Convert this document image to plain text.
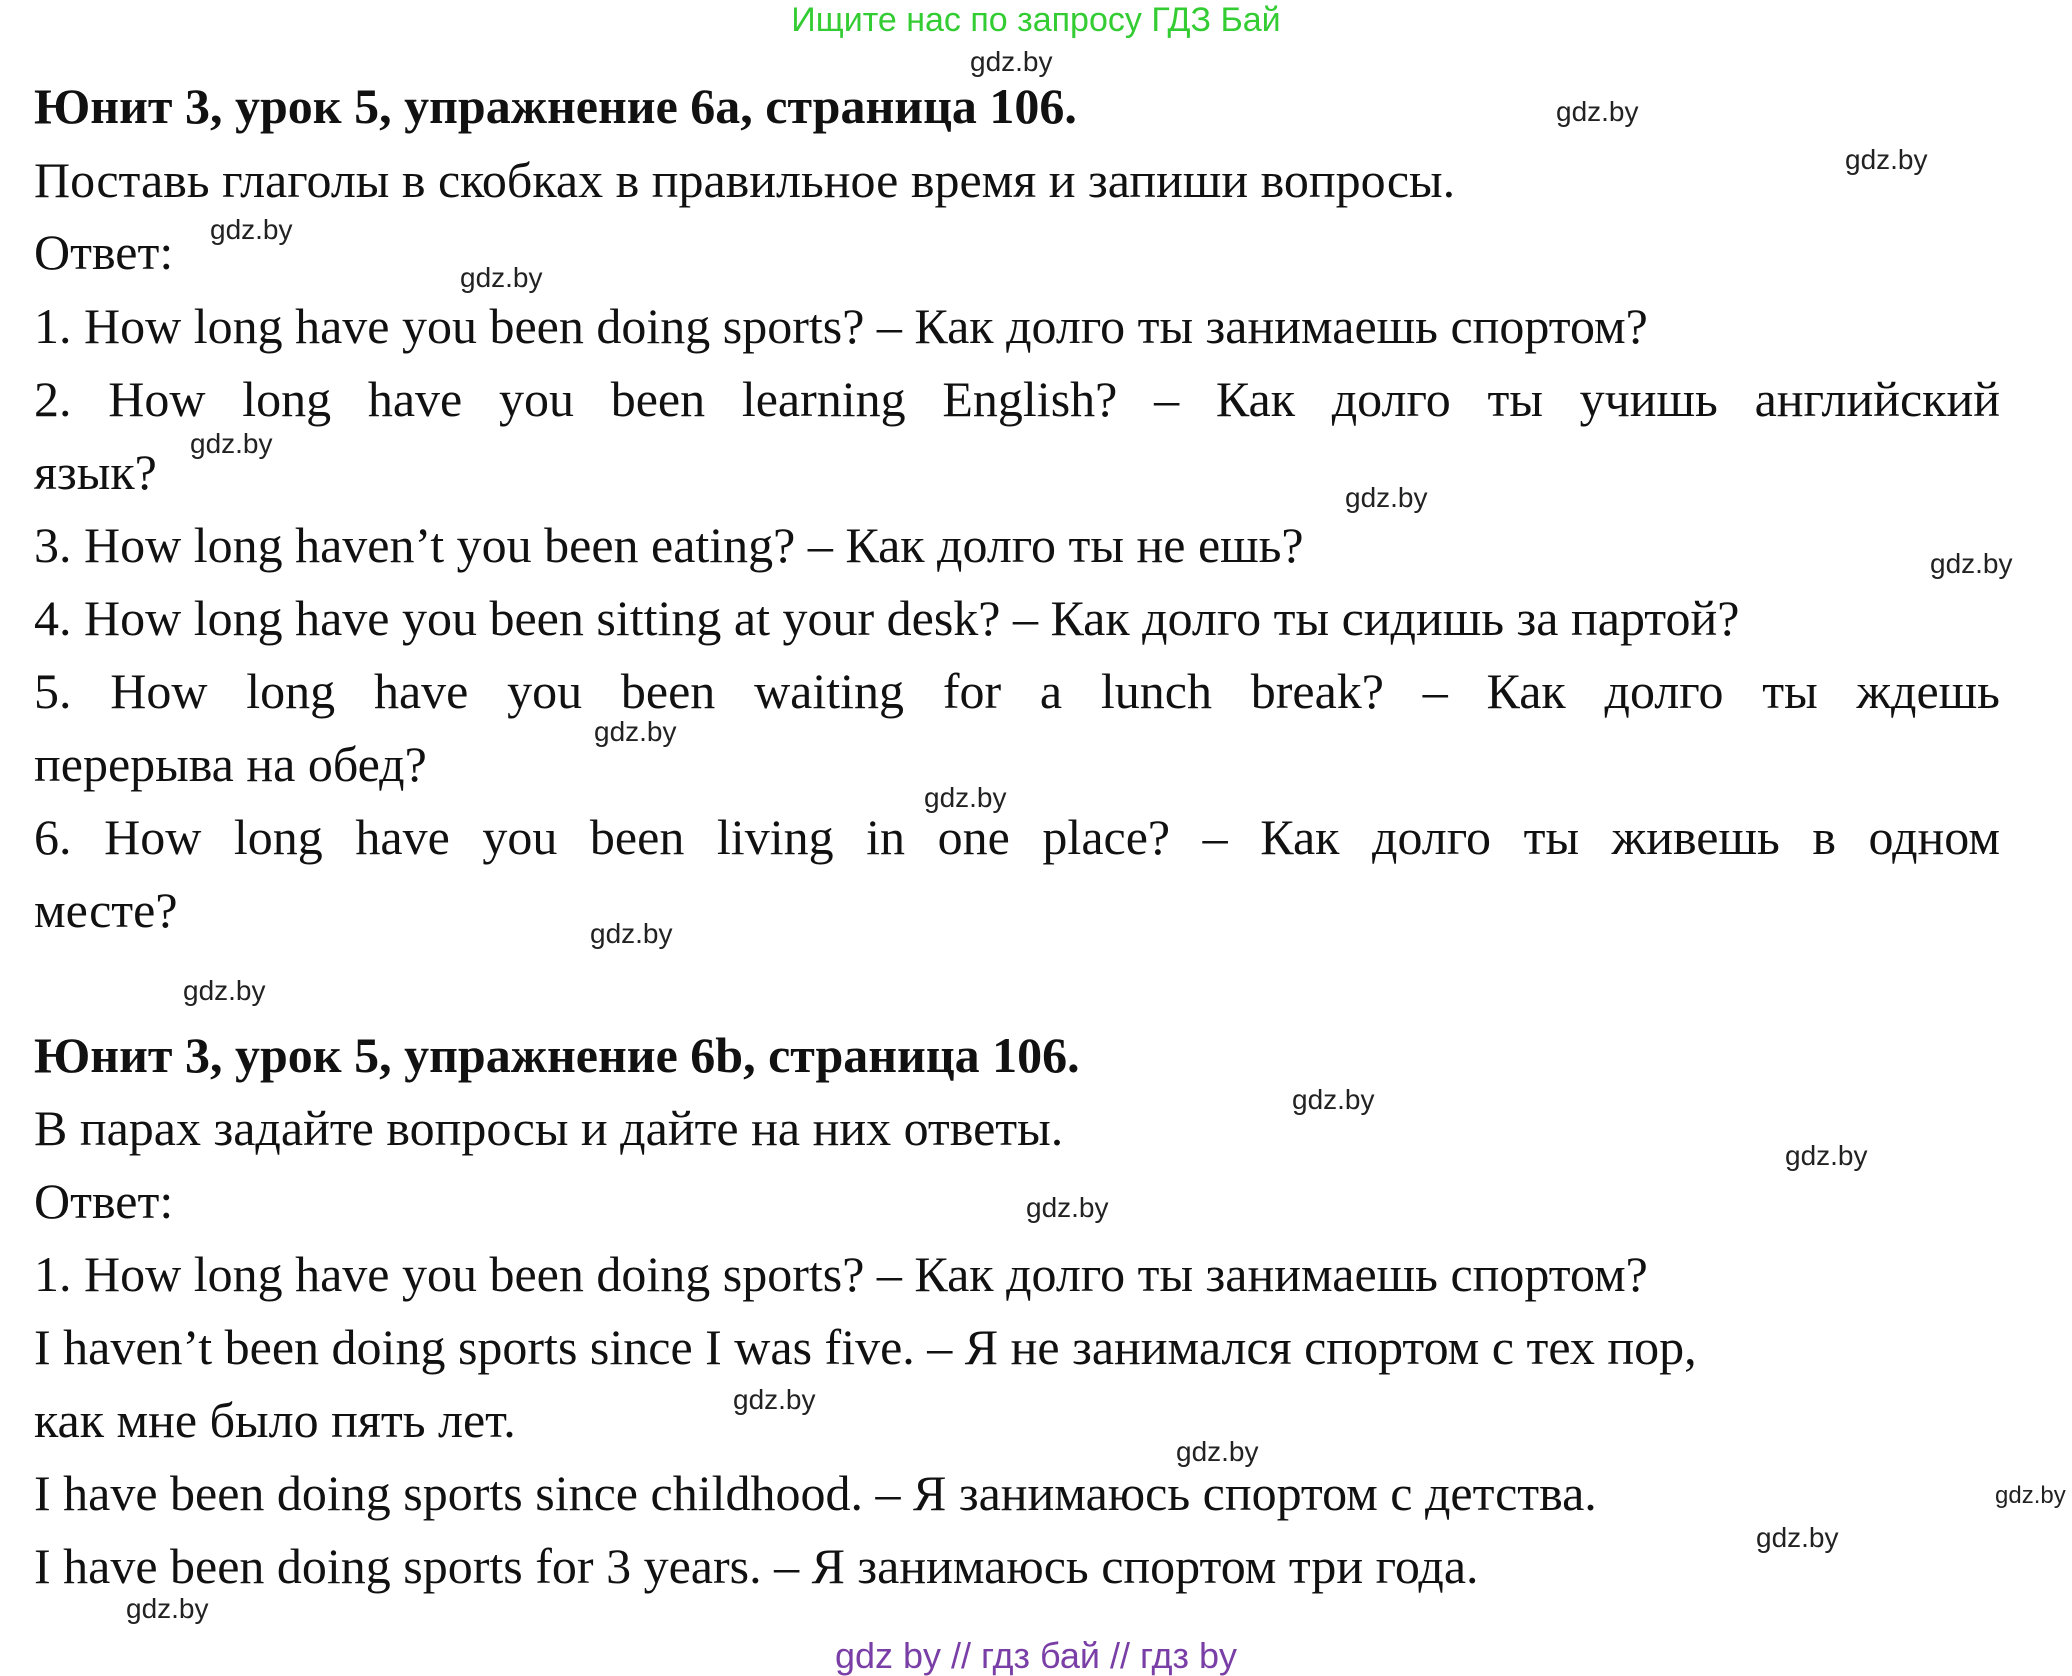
Ищите нас по запросу ГДЗ Бай
Юнит 3, урок 5, упражнение 6a, страница 106.
Поставь глаголы в скобках в правильное время и запиши вопросы.
Ответ:
1. How long have you been doing sports? – Как долго ты занимаешь спортом?
2. How long have you been learning English? – Как долго ты учишь английский
язык?
3. How long haven’t you been eating? – Как долго ты не ешь?
4. How long have you been sitting at your desk? – Как долго ты сидишь за партой?
5. How long have you been waiting for a lunch break? – Как долго ты ждешь
перерыва на обед?
6. How long have you been living in one place? – Как долго ты живешь в одном
месте?
Юнит 3, урок 5, упражнение 6b, страница 106.
В парах задайте вопросы и дайте на них ответы.
Ответ:
1. How long have you been doing sports? – Как долго ты занимаешь спортом?
I haven’t been doing sports since I was five. – Я не занимался спортом с тех пор,
как мне было пять лет.
I have been doing sports since childhood. – Я занимаюсь спортом с детства.
I have been doing sports for 3 years. – Я занимаюсь спортом три года.
gdz.by
gdz.by
gdz.by
gdz.by
gdz.by
gdz.by
gdz.by
gdz.by
gdz.by
gdz.by
gdz.by
gdz.by
gdz.by
gdz.by
gdz.by
gdz.by
gdz.by
gdz.by
gdz.by
gdz.by
gdz by // гдз бай // гдз by
